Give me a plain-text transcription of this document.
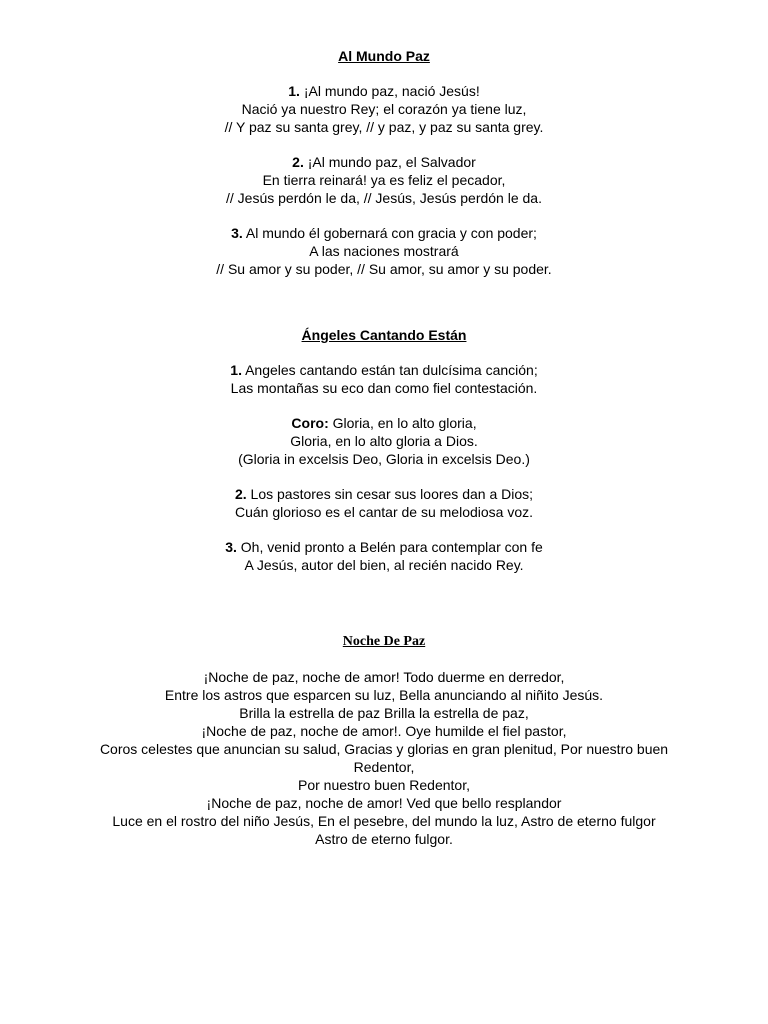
Al Mundo Paz
1. ¡Al mundo paz, nació Jesús!
Nació ya nuestro Rey; el corazón ya tiene luz,
// Y paz su santa grey, // y paz, y paz su santa grey.
2. ¡Al mundo paz, el Salvador
En tierra reinará! ya es feliz el pecador,
// Jesús perdón le da, // Jesús, Jesús perdón le da.
3. Al mundo él gobernará con gracia y con poder;
A las naciones mostrará
// Su amor y su poder, // Su amor, su amor y su poder.
Ángeles Cantando Están
1. Angeles cantando están tan dulcísima canción;
Las montañas su eco dan como fiel contestación.
Coro: Gloria, en lo alto gloria,
Gloria, en lo alto gloria a Dios.
(Gloria in excelsis Deo, Gloria in excelsis Deo.)
2. Los pastores sin cesar sus loores dan a Dios;
Cuán glorioso es el cantar de su melodiosa voz.
3. Oh, venid pronto a Belén para contemplar con fe
A Jesús, autor del bien, al recién nacido Rey.
Noche De Paz
¡Noche de paz, noche de amor! Todo duerme en derredor,
Entre los astros que esparcen su luz, Bella anunciando al niñito Jesús.
Brilla la estrella de paz Brilla la estrella de paz,
¡Noche de paz, noche de amor!. Oye humilde el fiel pastor,
Coros celestes que anuncian su salud, Gracias y glorias en gran plenitud, Por nuestro buen Redentor,
Por nuestro buen Redentor,
¡Noche de paz, noche de amor! Ved que bello resplandor
Luce en el rostro del niño Jesús, En el pesebre, del mundo la luz, Astro de eterno fulgor
Astro de eterno fulgor.
